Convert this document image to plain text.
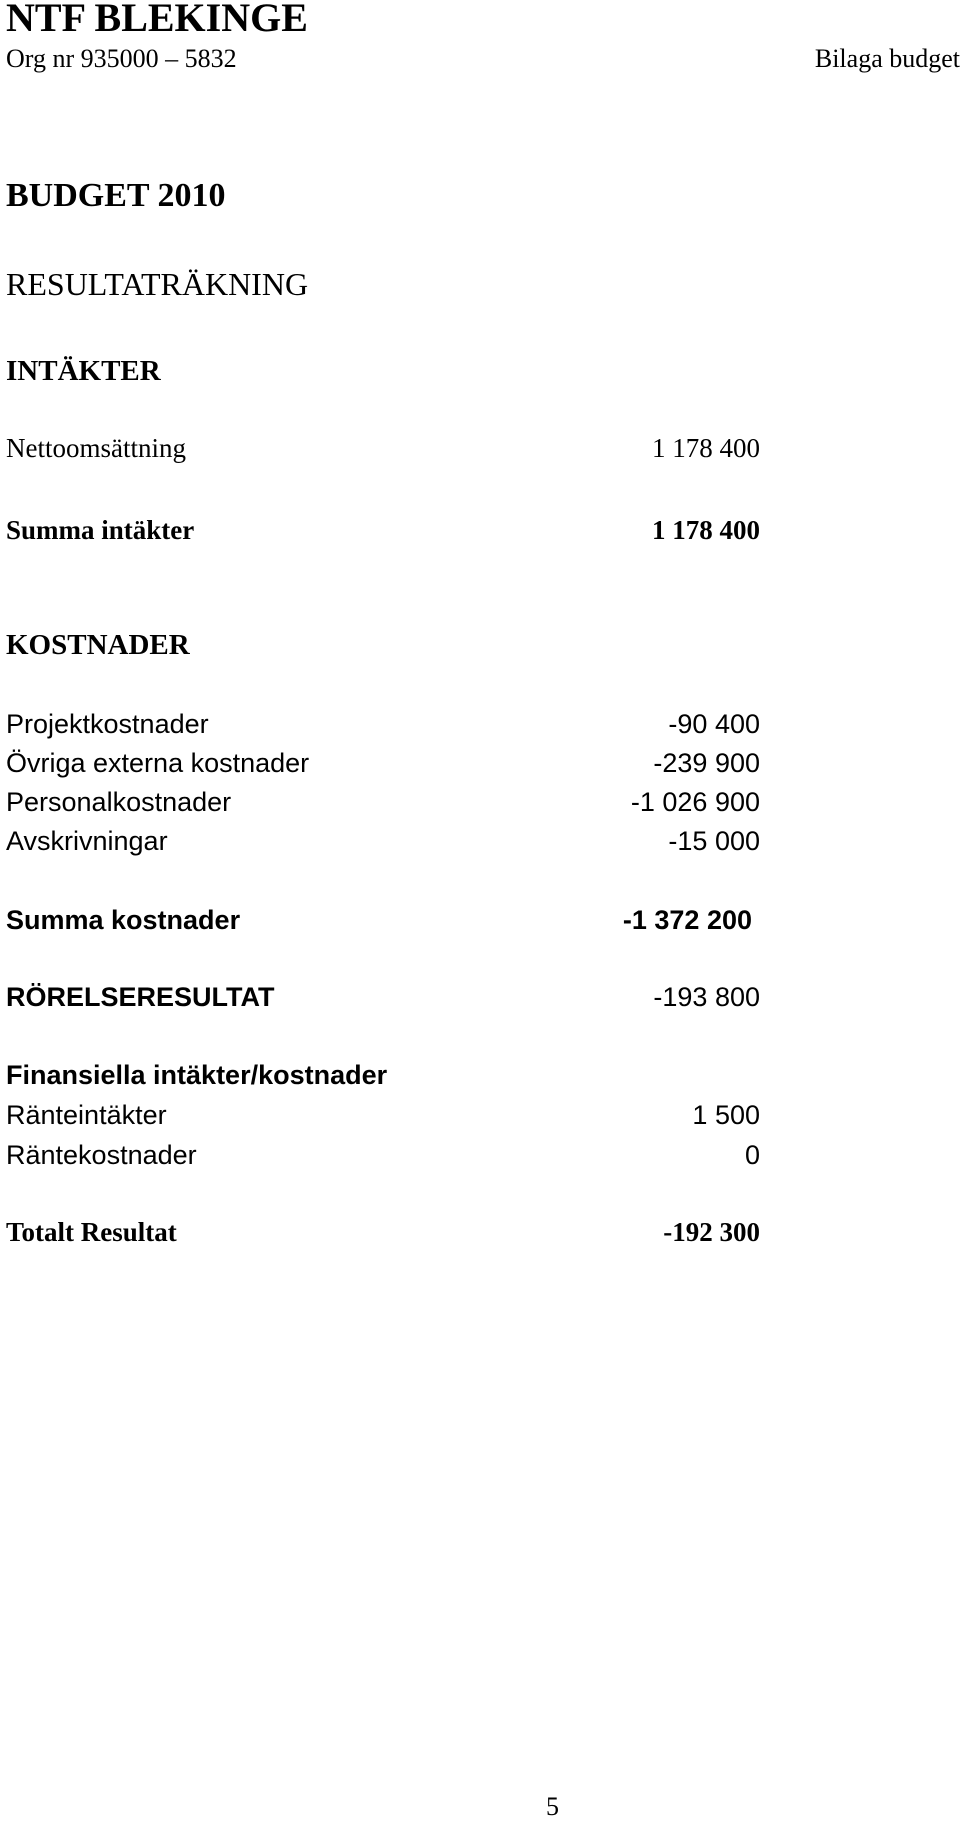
NTF BLEKINGE
Org nr 935000 – 5832	Bilaga budget
BUDGET 2010
RESULTATRÄKNING
INTÄKTER
Nettoomsättning	1 178 400
Summa intäkter	1 178 400
KOSTNADER
Projektkostnader	-90 400
Övriga externa kostnader	-239 900
Personalkostnader	-1 026 900
Avskrivningar	-15 000
Summa kostnader	-1 372 200
RÖRELSERESULTAT	-193 800
Finansiella intäkter/kostnader
Ränteintäkter	1 500
Räntekostnader	0
Totalt Resultat	-192 300
5
